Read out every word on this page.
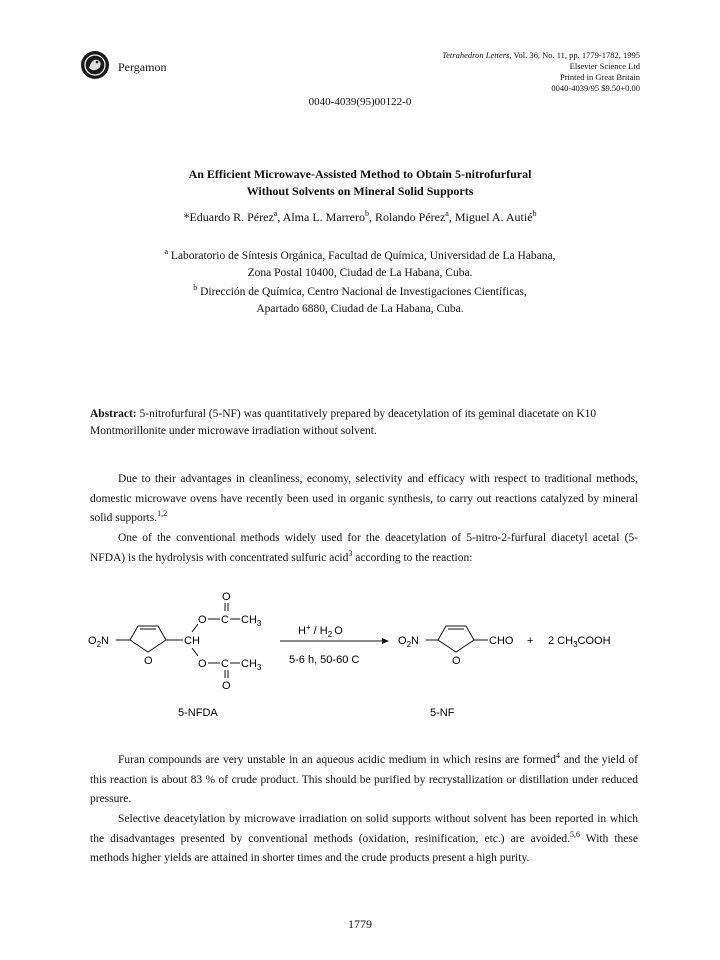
Pergamon
Tetrahedron Letters, Vol. 36, No. 11, pp. 1779-1782, 1995
Elsevier Science Ltd
Printed in Great Britain
0040-4039/95 $9.50+0.00
0040-4039(95)00122-0
An Efficient Microwave-Assisted Method to Obtain 5-nitrofurfural
Without Solvents on Mineral Solid Supports
*Eduardo R. Pérez$^a$, Alma L. Marrero$^b$, Rolando Pérez$^a$, Miguel A. Autié$^b$
$^a$ Laboratorio de Síntesis Orgánica, Facultad de Química, Universidad de La Habana,
Zona Postal 10400, Ciudad de La Habana, Cuba.
$^b$ Dirección de Química, Centro Nacional de Investigaciones Científicas,
Apartado 6880, Ciudad de La Habana, Cuba.
Abstract: 5-nitrofurfural (5-NF) was quantitatively prepared by deacetylation of its geminal diacetate on K10 Montmorillonite under microwave irradiation without solvent.
Due to their advantages in cleanliness, economy, selectivity and efficacy with respect to traditional methods, domestic microwave ovens have recently been used in organic synthesis, to carry out reactions catalyzed by mineral solid supports.$^{1,2}$
One of the conventional methods widely used for the deacetylation of 5-nitro-2-furfural diacetyl acetal (5-NFDA) is the hydrolysis with concentrated sulfuric acid$^3$ according to the reaction:
$O_2N$
O
CH
O C
O
$CH_3$
O C
O
$CH_3$
$H^+ / H_2$ O
5-6 h, 50-60 C
$O_2N$
O
CHO + 2 $CH_3COOH$
5-NFDA	5-NF
Furan compounds are very unstable in an aqueous acidic medium in which resins are formed$^4$ and the yield of this reaction is about 83 % of crude product. This should be purified by recrystallization or distillation under reduced pressure.
Selective deacetylation by microwave irradiation on solid supports without solvent has been reported in which the disadvantages presented by conventional methods (oxidation, resinification, etc.) are avoided.$^{5,6}$ With these methods higher yields are attained in shorter times and the crude products present a high purity.
1779
